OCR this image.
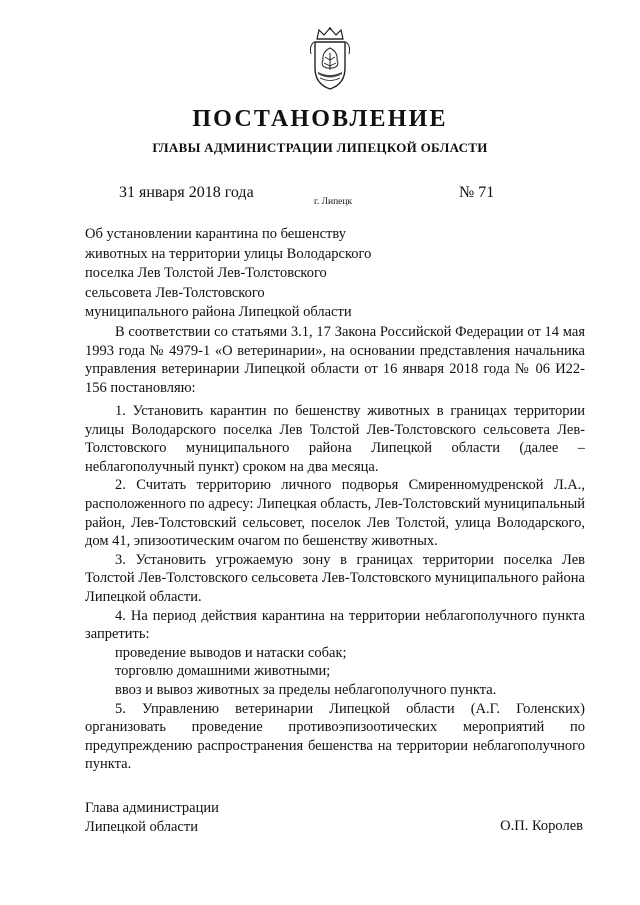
ПОСТАНОВЛЕНИЕ
ГЛАВЫ АДМИНИСТРАЦИИ ЛИПЕЦКОЙ ОБЛАСТИ
31 января 2018 года
г. Липецк
№ 71
Об установлении карантина по бешенству
животных на территории улицы Володарского
поселка Лев Толстой Лев-Толстовского
сельсовета Лев-Толстовского
муниципального района Липецкой области

В соответствии со статьями 3.1, 17 Закона Российской Федерации от 14 мая 1993 года № 4979-1 «О ветеринарии», на основании представления начальника управления ветеринарии Липецкой области от 16 января 2018 года № 06 И22-156 постановляю:

1. Установить карантин по бешенству животных в границах территории улицы Володарского поселка Лев Толстой Лев-Толстовского сельсовета Лев-Толстовского муниципального района Липецкой области (далее – неблагополучный пункт) сроком на два месяца.

2. Считать территорию личного подворья Смиренномудренской Л.А., расположенного по адресу: Липецкая область, Лев-Толстовский муниципальный район, Лев-Толстовский сельсовет, поселок Лев Толстой, улица Володарского, дом 41, эпизоотическим очагом по бешенству животных.

3. Установить угрожаемую зону в границах территории поселка Лев Толстой Лев-Толстовского сельсовета Лев-Толстовского муниципального района Липецкой области.

4. На период действия карантина на территории неблагополучного пункта запретить:

проведение выводов и натаски собак;

торговлю домашними животными;

ввоз и вывоз животных за пределы неблагополучного пункта.

5. Управлению ветеринарии Липецкой области (А.Г. Голенских) организовать проведение противоэпизоотических мероприятий по предупреждению распространения бешенства на территории неблагополучного пункта.

Глава администрации
Липецкой области	О.П. Королев
